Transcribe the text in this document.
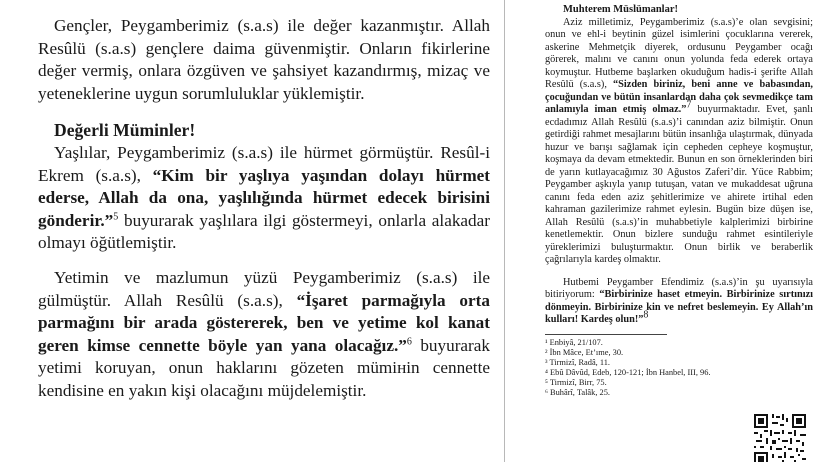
Gençler, Peygamberimiz (s.a.s) ile değer kazanmıştır. Allah Resûlü (s.a.s) gençlere daima güvenmiştir. Onların fikirlerine değer vermiş, onlara özgüven ve şahsiyet kazandırmış, mizaç ve yeteneklerine uygun sorumluluklar yüklemiştir.

Değerli Müminler!

Yaşlılar, Peygamberimiz (s.a.s) ile hürmet görmüştür. Resûl-i Ekrem (s.a.s), “Kim bir yaşlıya yaşından dolayı hürmet ederse, Allah da ona, yaşlılığında hürmet edecek birisini gönderir.”$^5$ buyurarak yaşlılara ilgi göstermeyi, onlarla alakadar olmayı öğütlemiştir.

Yetimin ve mazlumun yüzü Peygamberimiz (s.a.s) ile gülmüştür. Allah Resûlü (s.a.s), “İşaret parmağıyla orta parmağını bir arada göstererek, ben ve yetime kol kanat geren kimse cennette böyle yan yana olacağız.”$^6$ buyurarak yetimi koruyan, onun haklarını gözeten mümінin cennette kendisine en yakın kişi olacağını müjdelemiştir.

Muhterem Müslümanlar!

Aziz milletimiz, Peygamberimiz (s.a.s)’e olan sevgisini; onun ve ehl-i beytinin güzel isimlerini çocuklarına vererek, askerine Mehmetçik diyerek, ordusunu Peygamber ocağı görerek, malını ve canını onun yolunda feda ederek ortaya koymuştur. Hutbeme başlarken okuduğum hadis-i şerifte Allah Resûlü (s.a.s), “Sizden biriniz, beni anne ve babasından, çocuğundan ve bütün insanlardan daha çok sevmedikçe tam anlamıyla iman etmiş olmaz.”$^7$ buyurmaktadır. Evet, şanlı ecdadımız Allah Resûlü (s.a.s)’i canından aziz bilmiştir. Onun getirdiği rahmet mesajlarını bütün insanlığa ulaştırmak, dünyada huzur ve barışı sağlamak için cepheden cepheye koşmuştur, koşmaya da devam etmektedir. Bunun en son örneklerinden biri de yarın kutlayacağımız 30 Ağustos Zaferi’dir. Yüce Rabbim; Peygamber aşkıyla yanıp tutuşan, vatan ve mukaddesat uğruna canını feda eden aziz şehitlerimize ve ahirete irtihal eden kahraman gazilerimize rahmet eylesin. Bugün bize düşen ise, Allah Resûlü (s.a.s)’in muhabbetiyle kalplerimizi birbirine kenetlemektir. Onun bizlere sunduğu rahmet esintileriyle yüreklerimizi buluşturmaktır. Onun birlik ve beraberlik çağrılarıyla kardeş olmaktır.

Hutbemi Peygamber Efendimiz (s.a.s)’in şu uyarısıyla bitiriyorum: “Birbirinize haset etmeyin. Birbirinize sırtınızı dönmeyin. Birbirinize kin ve nefret beslemeyin. Ey Allah’ın kulları! Kardeş olun!”$^8$

¹ Enbiyâ, 21/107.
² İbn Mâce, Et’ıme, 30.
³ Tirmizî, Radâ, 11.
⁴ Ebû Dâvûd, Edeb, 120-121; İbn Hanbel, III, 96.
⁵ Tirmizî, Birr, 75.
⁶ Buhârî, Talâk, 25.
